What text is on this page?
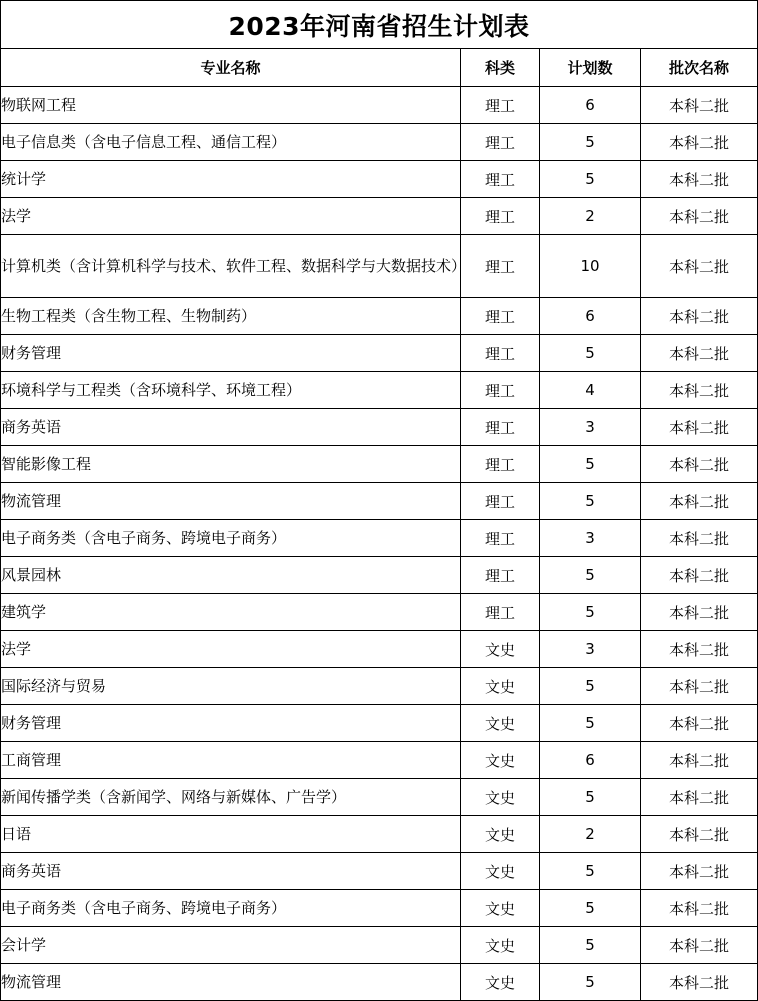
2023年河南省招生计划表			
专业名称	科类	计划数	批次名称
物联网工程	理工	6	本科二批
电子信息类（含电子信息工程、通信工程）	理工	5	本科二批
统计学	理工	5	本科二批
法学	理工	2	本科二批
计算机类（含计算机科学与技术、软件工程、数据科学与大数据技术）	理工	10	本科二批
生物工程类（含生物工程、生物制药）	理工	6	本科二批
财务管理	理工	5	本科二批
环境科学与工程类（含环境科学、环境工程）	理工	4	本科二批
商务英语	理工	3	本科二批
智能影像工程	理工	5	本科二批
物流管理	理工	5	本科二批
电子商务类（含电子商务、跨境电子商务）	理工	3	本科二批
风景园林	理工	5	本科二批
建筑学	理工	5	本科二批
法学	文史	3	本科二批
国际经济与贸易	文史	5	本科二批
财务管理	文史	5	本科二批
工商管理	文史	6	本科二批
新闻传播学类（含新闻学、网络与新媒体、广告学）	文史	5	本科二批
日语	文史	2	本科二批
商务英语	文史	5	本科二批
电子商务类（含电子商务、跨境电子商务）	文史	5	本科二批
会计学	文史	5	本科二批
物流管理	文史	5	本科二批
